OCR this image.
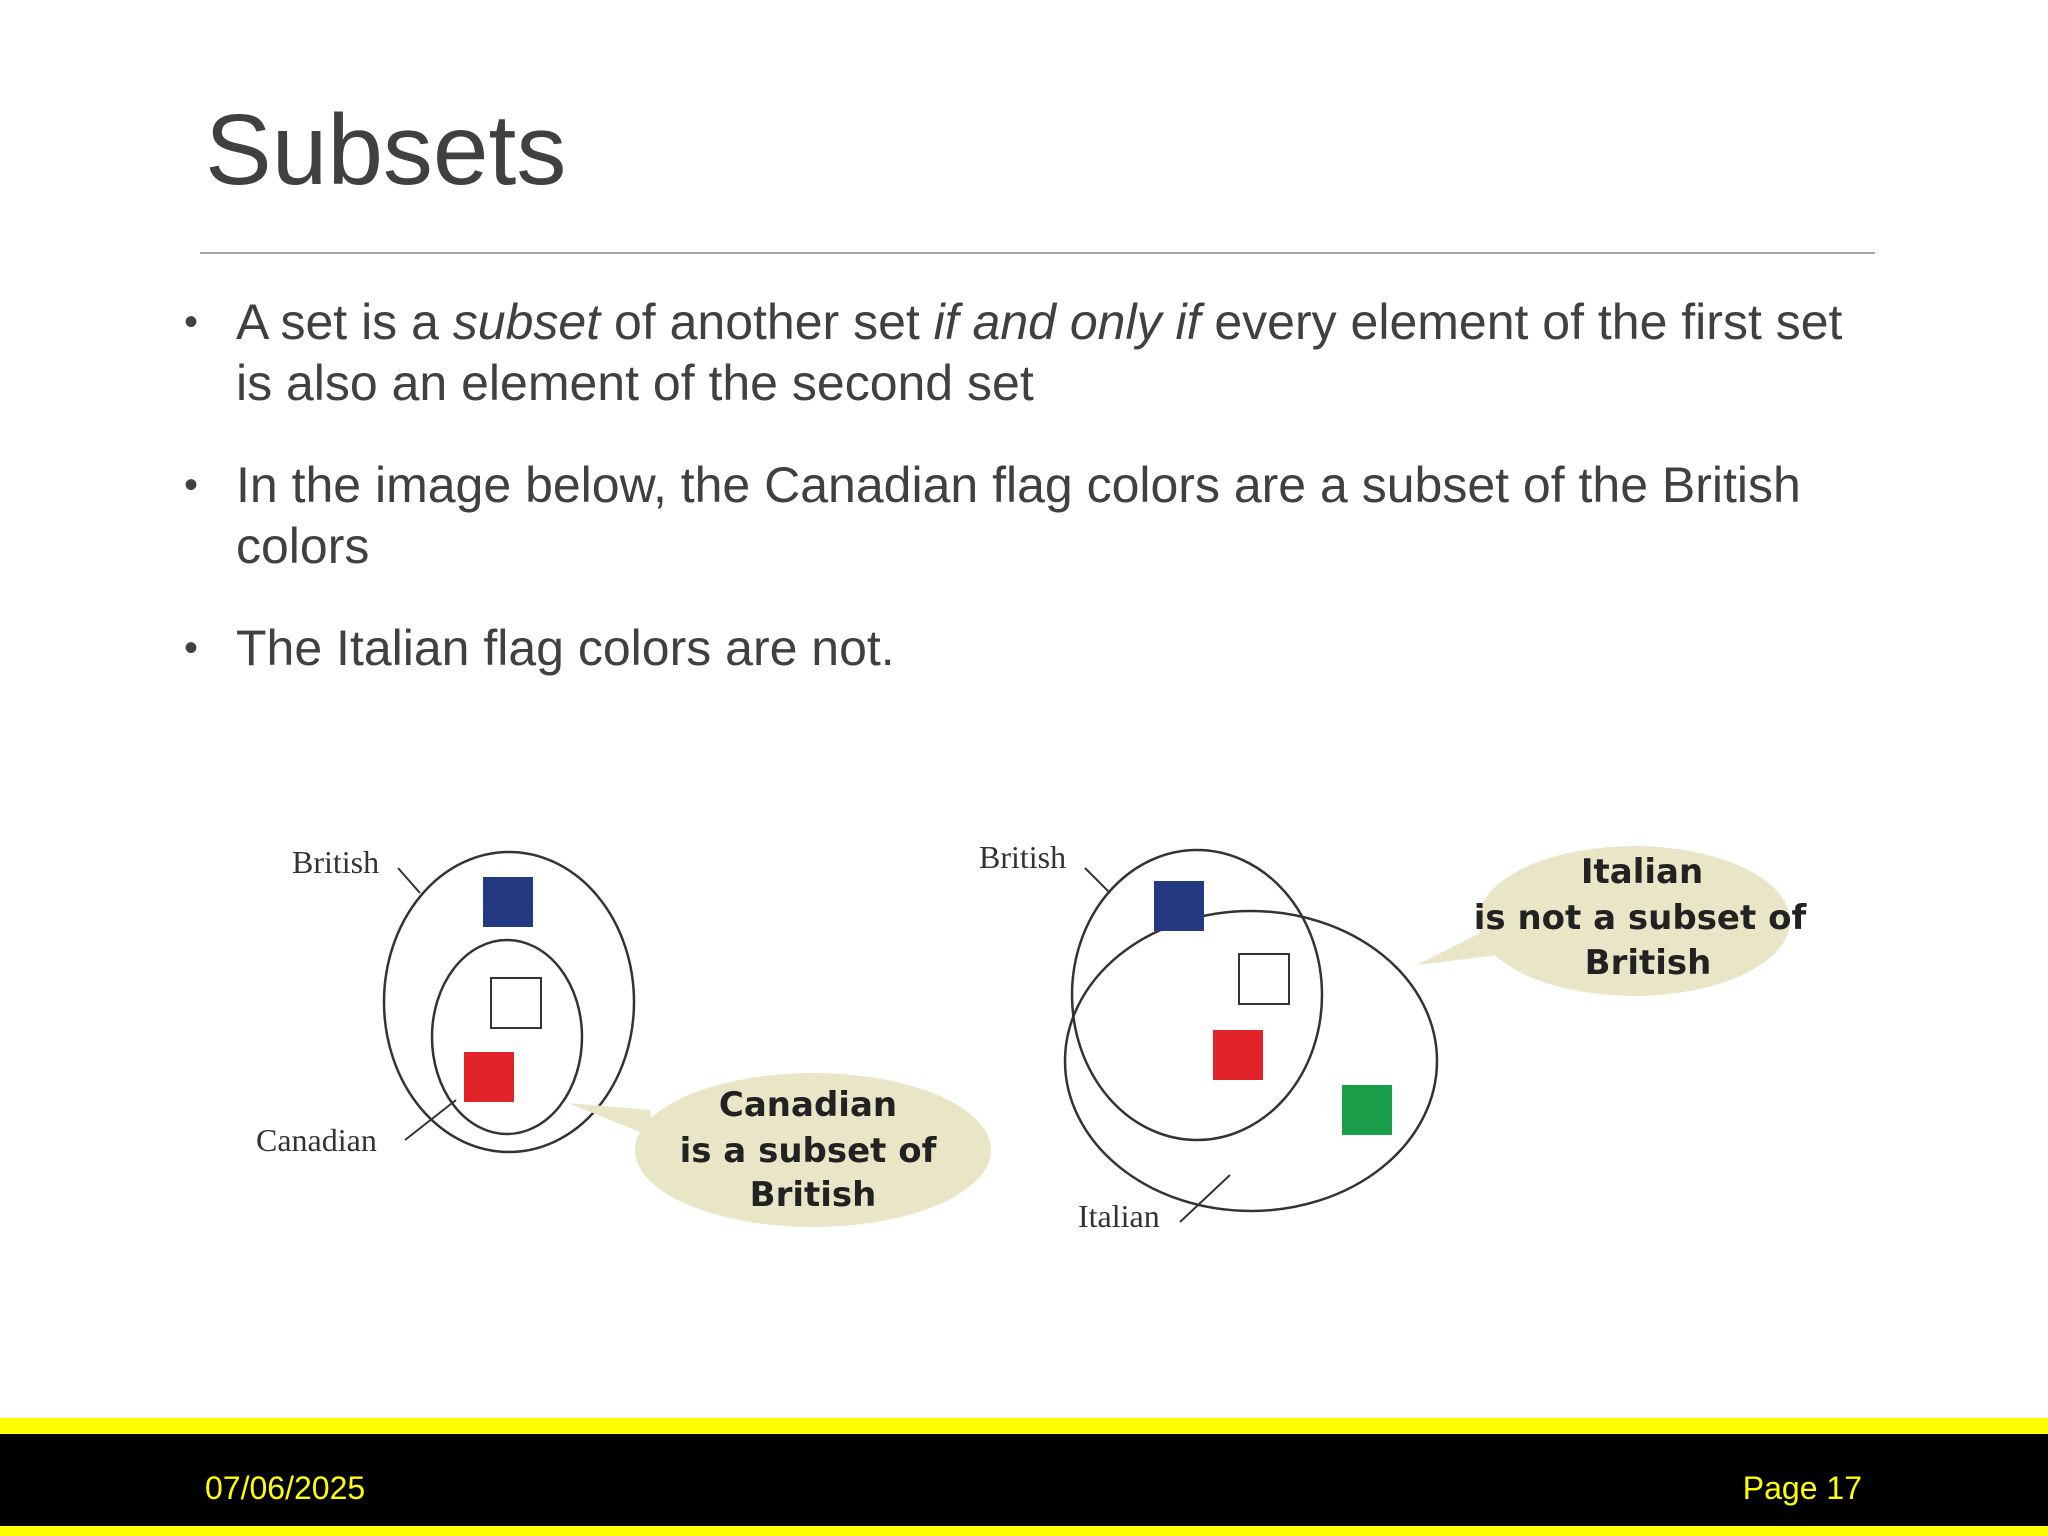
Subsets
• A set is a subset of another set if and only if every element of the first set is also an element of the second set
• In the image below, the Canadian flag colors are a subset of the British colors
• The Italian flag colors are not.
British
Canadian
Canadian
is a subset of
British
British
Italian
Italian
is not a subset of
British
07/06/2025	Page 17
